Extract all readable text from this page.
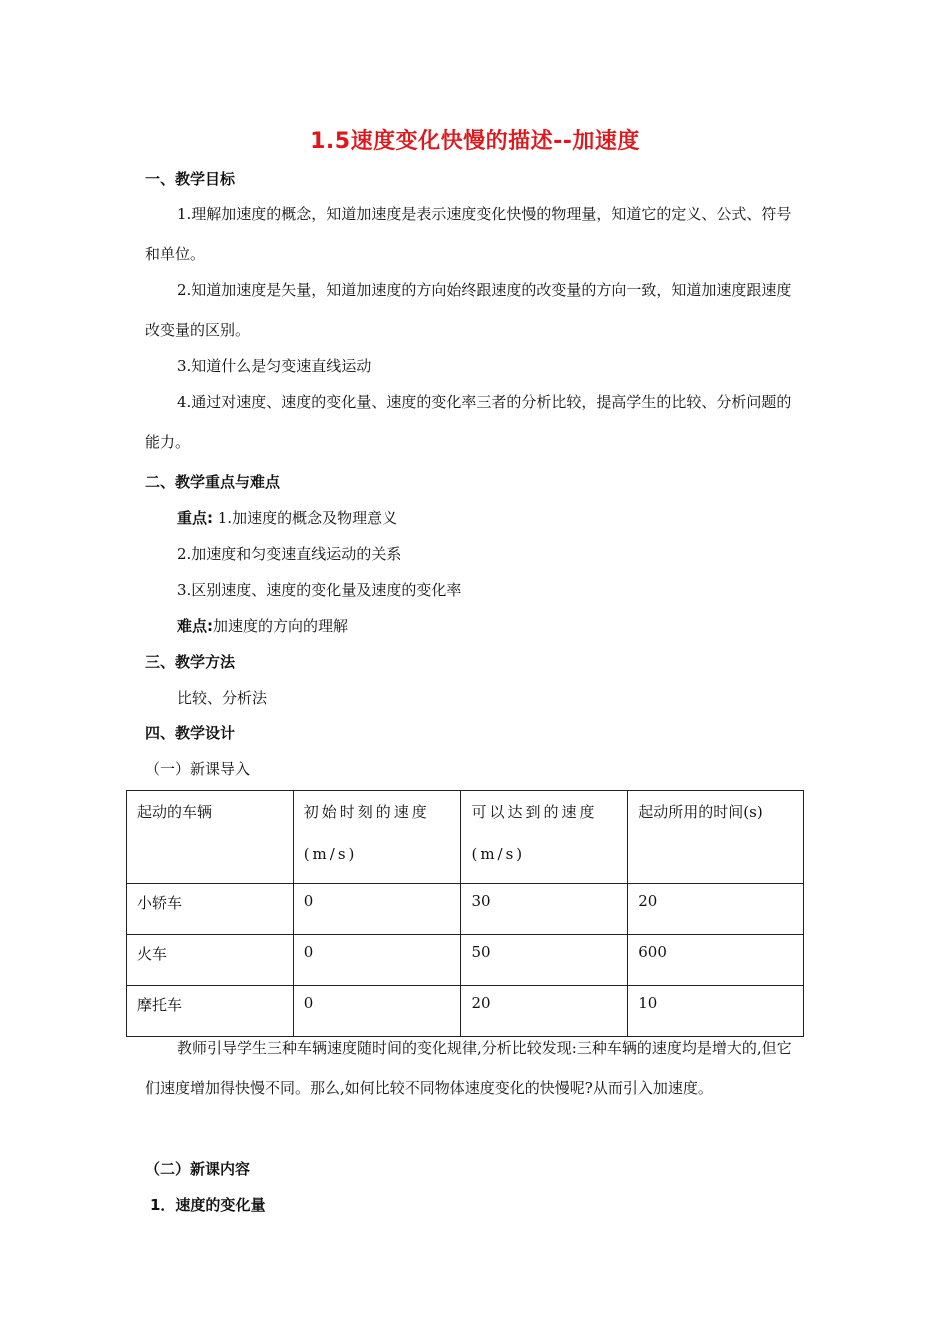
1.5速度变化快慢的描述--加速度
一、教学目标
1.理解加速度的概念，知道加速度是表示速度变化快慢的物理量，知道它的定义、公式、符号和单位。
2.知道加速度是矢量，知道加速度的方向始终跟速度的改变量的方向一致，知道加速度跟速度改变量的区别。
3.知道什么是匀变速直线运动
4.通过对速度、速度的变化量、速度的变化率三者的分析比较，提高学生的比较、分析问题的能力。
二、教学重点与难点
重点: 1.加速度的概念及物理意义
2.加速度和匀变速直线运动的关系
3.区别速度、速度的变化量及速度的变化率
难点:加速度的方向的理解
三、教学方法
比较、分析法
四、教学设计
（一）新课导入
起动的车辆	初始时刻的速度(m/s)	可以达到的速度(m/s)	起动所用的时间(s)
小轿车	0	30	20
火车	0	50	600
摩托车	0	20	10
教师引导学生三种车辆速度随时间的变化规律,分析比较发现:三种车辆的速度均是增大的,但它们速度增加得快慢不同。那么,如何比较不同物体速度变化的快慢呢?从而引入加速度。
（二）新课内容
1．速度的变化量
